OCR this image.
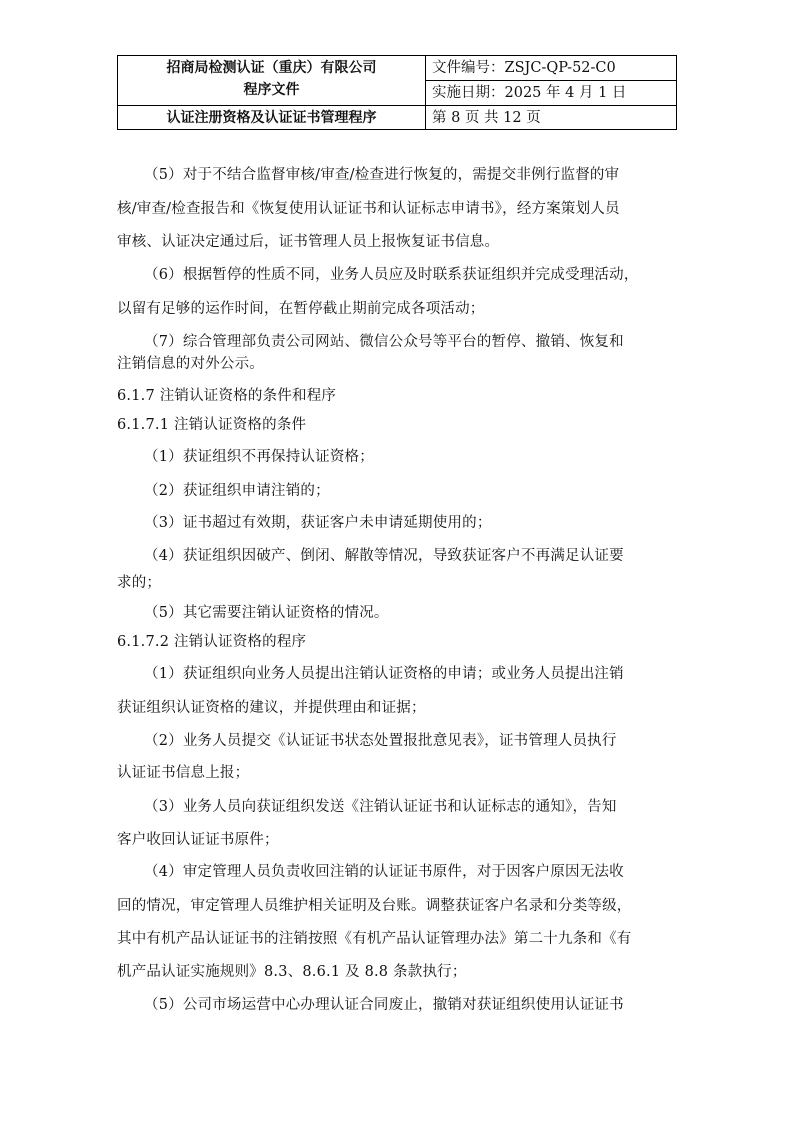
招商局检测认证（重庆）有限公司
程序文件
认证注册资格及认证证书管理程序
文件编号：ZSJC-QP-52-C0
实施日期：2025 年 4 月 1 日
第 8 页 共 12 页
（5）对于不结合监督审核/审查/检查进行恢复的，需提交非例行监督的审
核/审查/检查报告和《恢复使用认证证书和认证标志申请书》，经方案策划人员
审核、认证决定通过后，证书管理人员上报恢复证书信息。
（6）根据暂停的性质不同，业务人员应及时联系获证组织并完成受理活动，
以留有足够的运作时间，在暂停截止期前完成各项活动；
（7）综合管理部负责公司网站、微信公众号等平台的暂停、撤销、恢复和
注销信息的对外公示。
6.1.7 注销认证资格的条件和程序
6.1.7.1 注销认证资格的条件
（1）获证组织不再保持认证资格；
（2）获证组织申请注销的；
（3）证书超过有效期，获证客户未申请延期使用的；
（4）获证组织因破产、倒闭、解散等情况，导致获证客户不再满足认证要
求的；
（5）其它需要注销认证资格的情况。
6.1.7.2 注销认证资格的程序
（1）获证组织向业务人员提出注销认证资格的申请；或业务人员提出注销
获证组织认证资格的建议，并提供理由和证据；
（2）业务人员提交《认证证书状态处置报批意见表》，证书管理人员执行
认证证书信息上报；
（3）业务人员向获证组织发送《注销认证证书和认证标志的通知》，告知
客户收回认证证书原件；
（4）审定管理人员负责收回注销的认证证书原件，对于因客户原因无法收
回的情况，审定管理人员维护相关证明及台账。调整获证客户名录和分类等级，
其中有机产品认证证书的注销按照《有机产品认证管理办法》第二十九条和《有
机产品认证实施规则》8.3、8.6.1 及 8.8 条款执行；
（5）公司市场运营中心办理认证合同废止，撤销对获证组织使用认证证书
